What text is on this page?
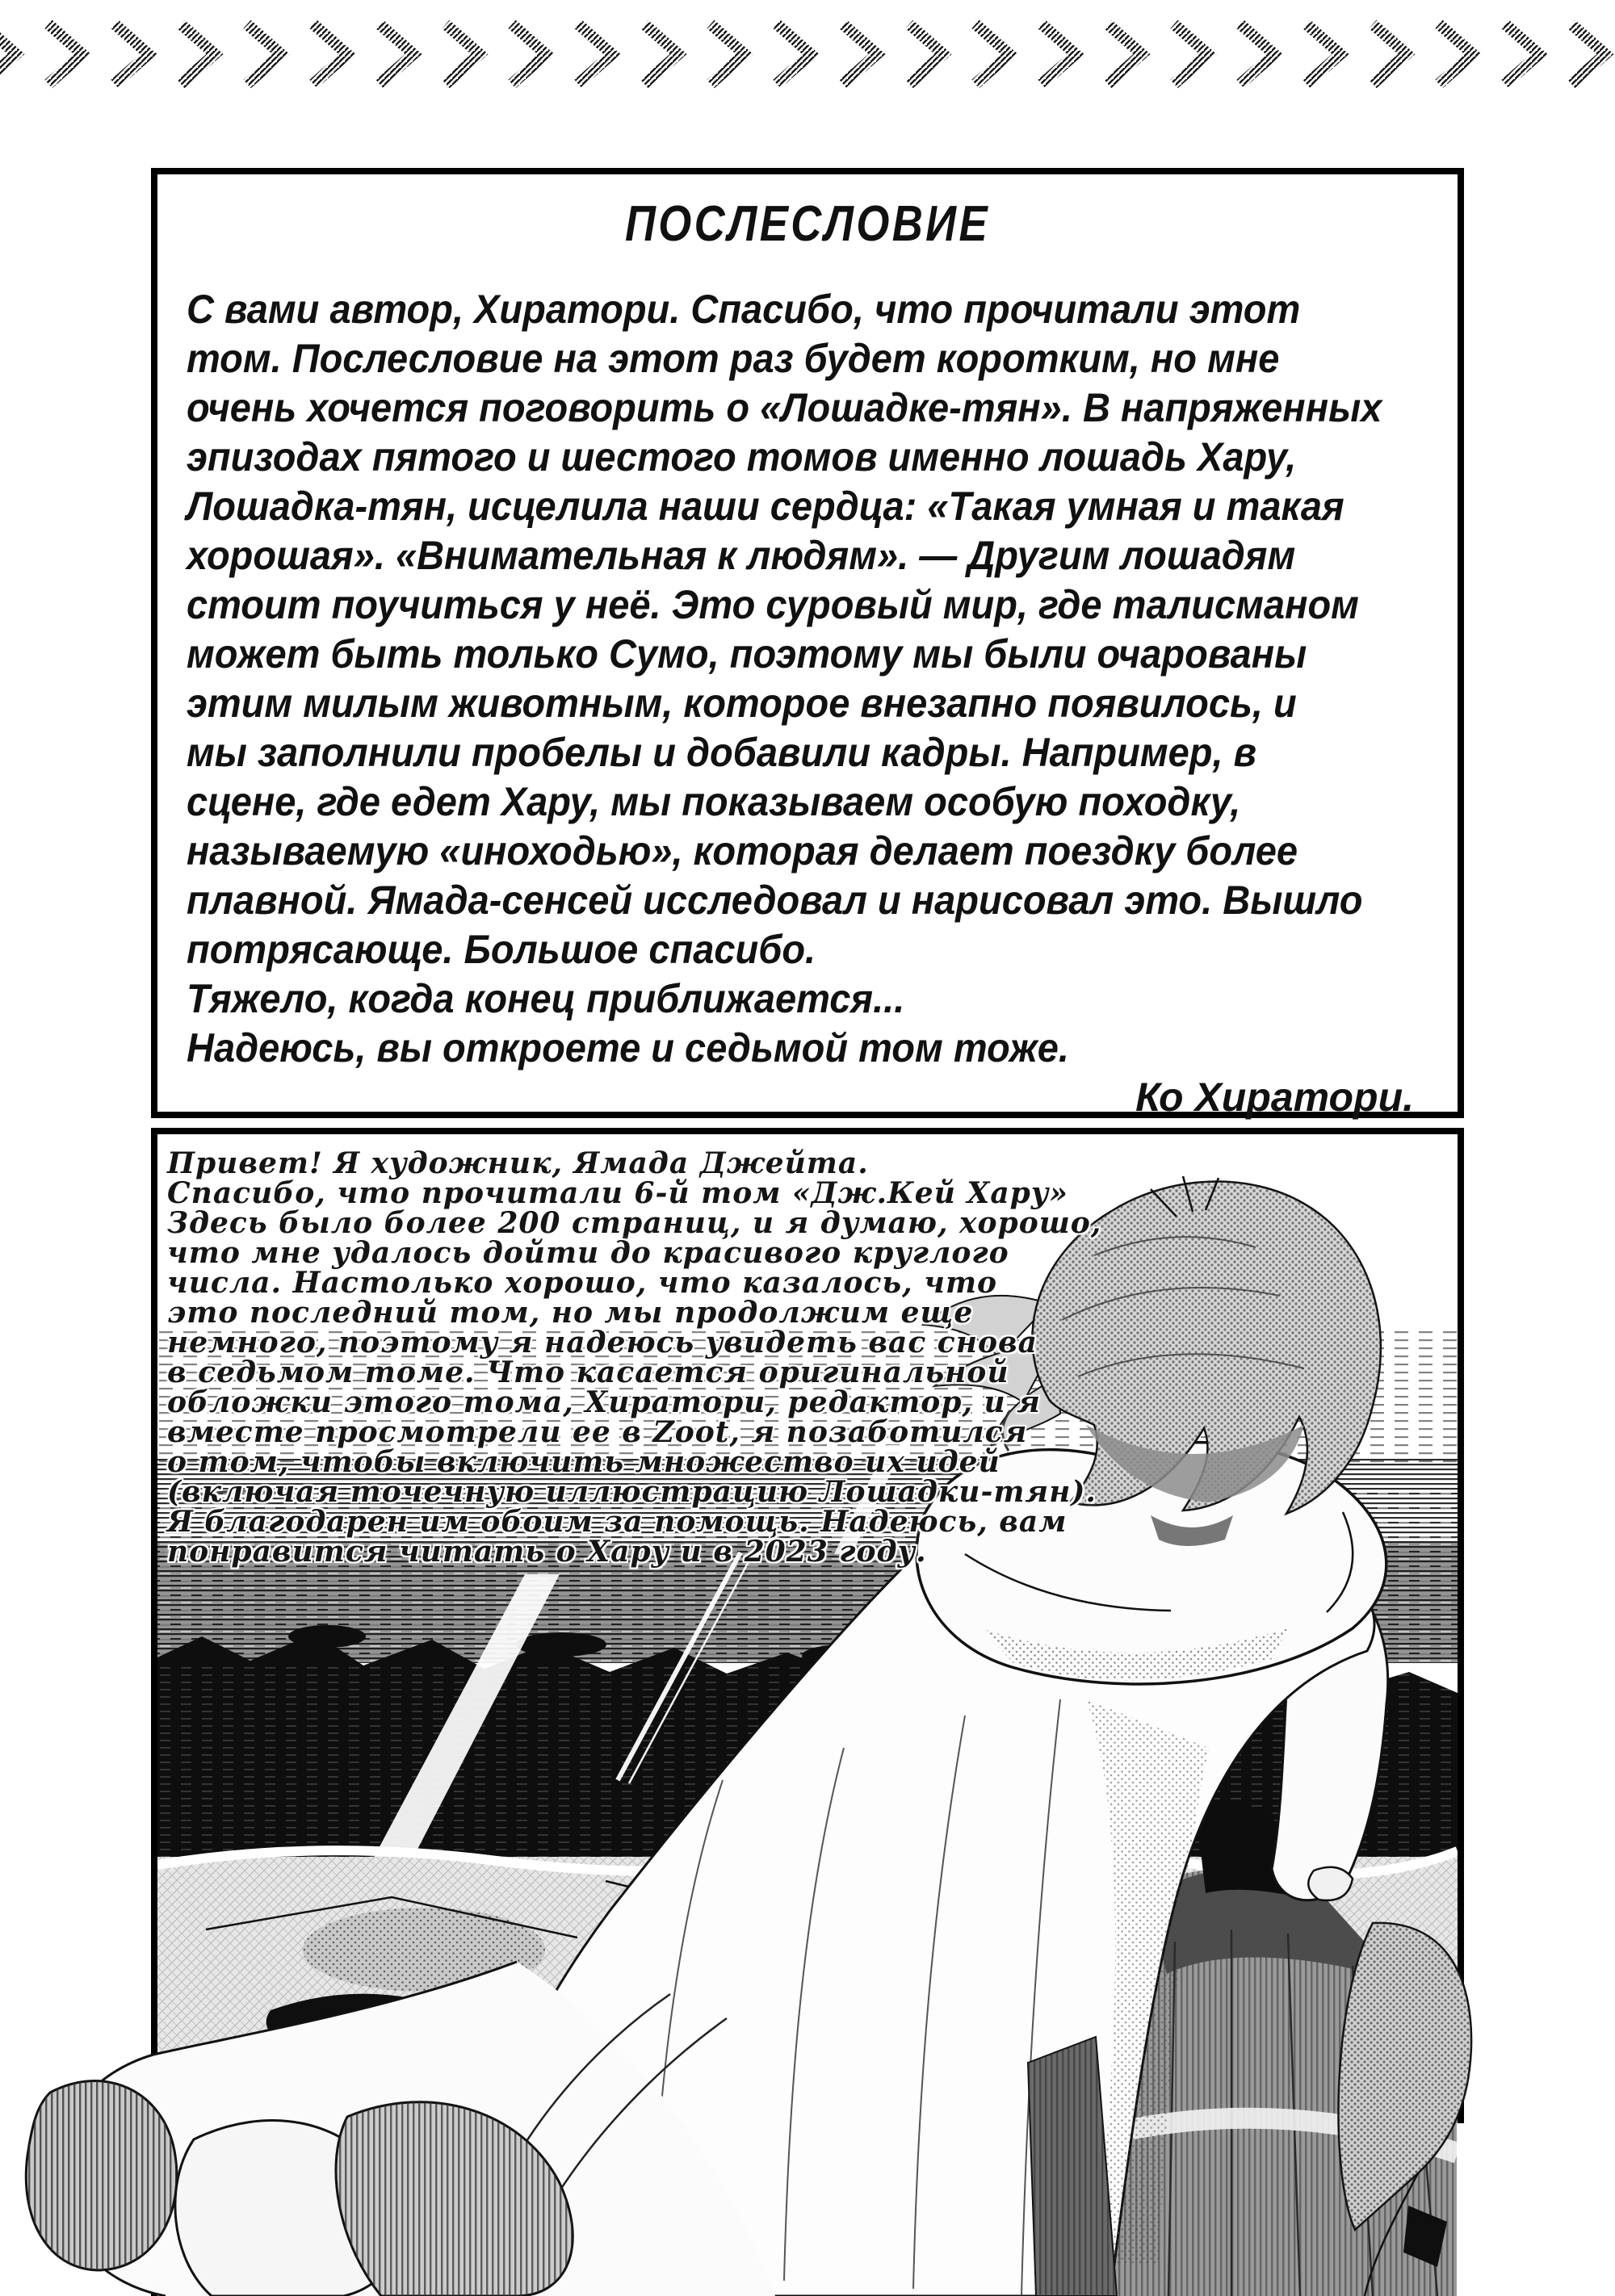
ПОСЛЕСЛОВИЕ
С вами автор, Хиратори. Спасибо, что прочитали этот
том. Послесловие на этот раз будет коротким, но мне
очень хочется поговорить о «Лошадке-тян». В напряженных
эпизодах пятого и шестого томов именно лошадь Хару,
Лошадка-тян, исцелила наши сердца: «Такая умная и такая
хорошая». «Внимательная к людям». — Другим лошадям
стоит поучиться у неё. Это суровый мир, где талисманом
может быть только Сумо, поэтому мы были очарованы
этим милым животным, которое внезапно появилось, и
мы заполнили пробелы и добавили кадры. Например, в
сцене, где едет Хару, мы показываем особую походку,
называемую «иноходью», которая делает поездку более
плавной. Ямада-сенсей исследовал и нарисовал это. Вышло
потрясающе. Большое спасибо.
Тяжело, когда конец приближается...
Надеюсь, вы откроете и седьмой том тоже.
Ко Хиратори.
Привет! Я художник, Ямада Джейта.
Спасибо, что прочитали 6-й том «Дж.Кей Хару»
Здесь было более 200 страниц, и я думаю, хорошо,
что мне удалось дойти до красивого круглого
числа. Настолько хорошо, что казалось, что
это последний том, но мы продолжим еще
немного, поэтому я надеюсь увидеть вас снова
в седьмом томе. Что касается оригинальной
обложки этого тома, Хиратори, редактор, и я
вместе просмотрели ее в Zoot, я позаботился
о том, чтобы включить множество их идей
(включая точечную иллюстрацию Лошадки-тян).
Я благодарен им обоим за помощь. Надеюсь, вам
понравится читать о Хару и в 2023 году.
